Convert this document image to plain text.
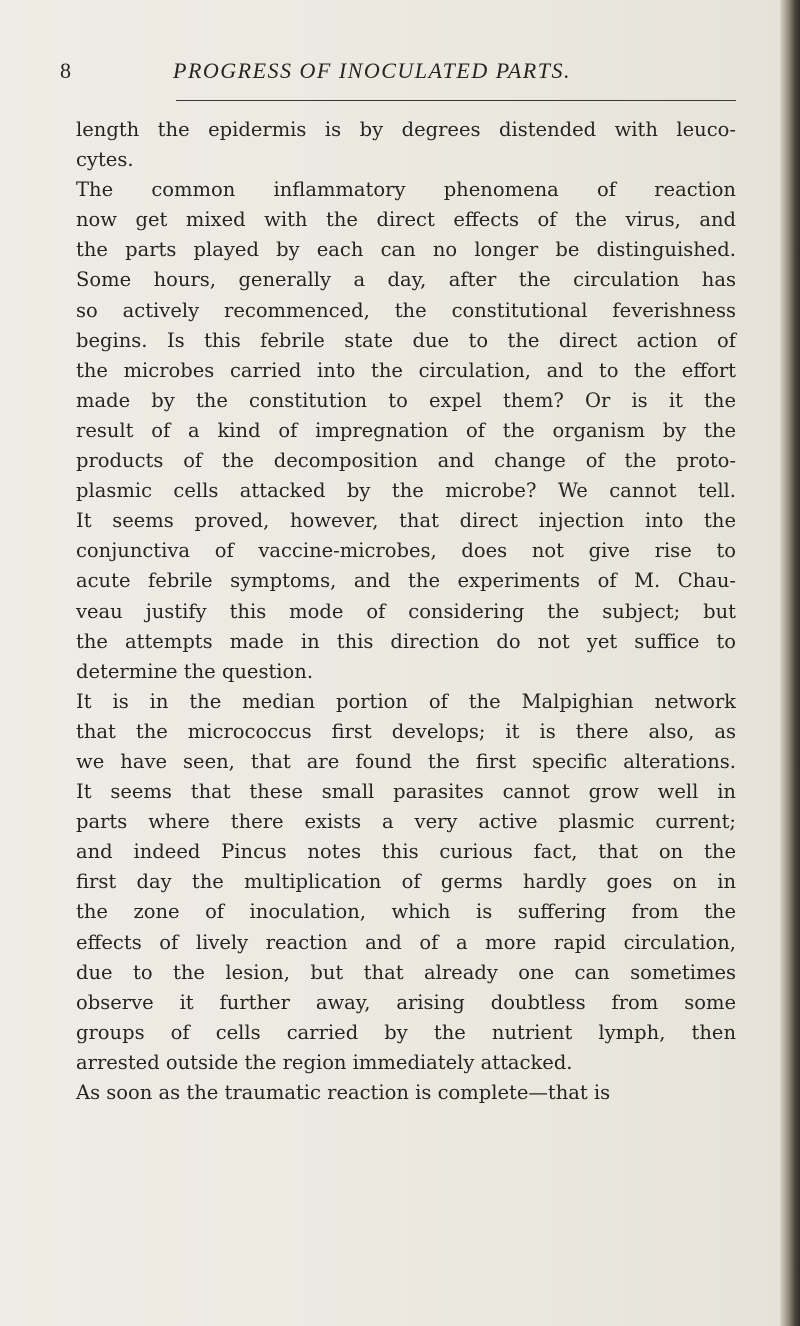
8	PROGRESS OF INOCULATED PARTS.
length the epidermis is by degrees distended with leuco-
cytes.
The common inflammatory phenomena of reaction
now get mixed with the direct effects of the virus, and
the parts played by each can no longer be distinguished.
Some hours, generally a day, after the circulation has
so actively recommenced, the constitutional feverishness
begins. Is this febrile state due to the direct action of
the microbes carried into the circulation, and to the effort
made by the constitution to expel them? Or is it the
result of a kind of impregnation of the organism by the
products of the decomposition and change of the proto-
plasmic cells attacked by the microbe? We cannot tell.
It seems proved, however, that direct injection into the
conjunctiva of vaccine-microbes, does not give rise to
acute febrile symptoms, and the experiments of M. Chau-
veau justify this mode of considering the subject; but
the attempts made in this direction do not yet suffice to
determine the question.
It is in the median portion of the Malpighian network
that the micrococcus first develops; it is there also, as
we have seen, that are found the first specific alterations.
It seems that these small parasites cannot grow well in
parts where there exists a very active plasmic current;
and indeed Pincus notes this curious fact, that on the
first day the multiplication of germs hardly goes on in
the zone of inoculation, which is suffering from the
effects of lively reaction and of a more rapid circulation,
due to the lesion, but that already one can sometimes
observe it further away, arising doubtless from some
groups of cells carried by the nutrient lymph, then
arrested outside the region immediately attacked.
As soon as the traumatic reaction is complete—that is
